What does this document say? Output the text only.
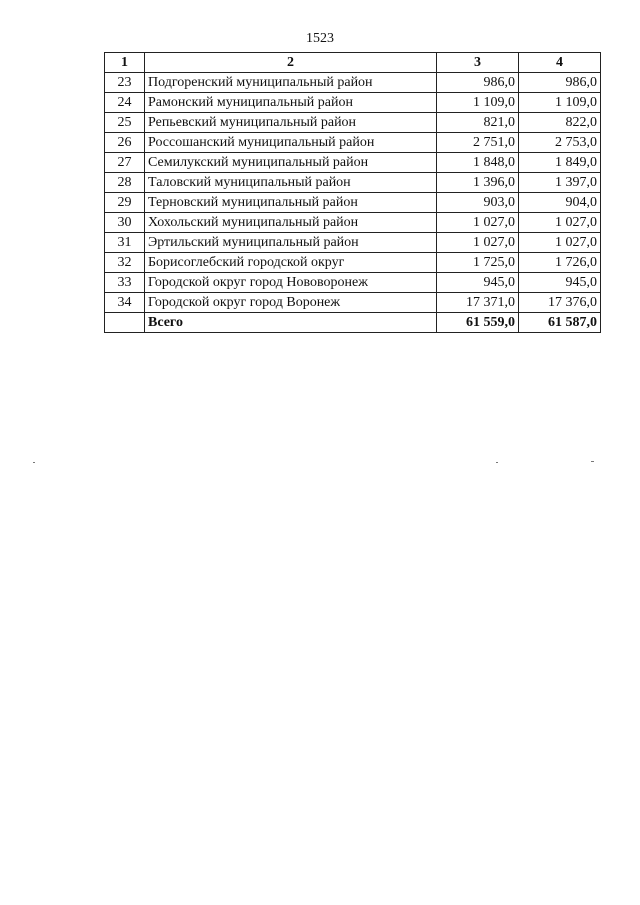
1523
1	2	3	4
23	Подгоренский муниципальный район	986,0	986,0
24	Рамонский муниципальный район	1 109,0	1 109,0
25	Репьевский муниципальный район	821,0	822,0
26	Россошанский муниципальный район	2 751,0	2 753,0
27	Семилукский муниципальный район	1 848,0	1 849,0
28	Таловский муниципальный район	1 396,0	1 397,0
29	Терновский муниципальный район	903,0	904,0
30	Хохольский муниципальный район	1 027,0	1 027,0
31	Эртильский муниципальный район	1 027,0	1 027,0
32	Борисоглебский городской округ	1 725,0	1 726,0
33	Городской округ город Нововоронеж	945,0	945,0
34	Городской округ город Воронеж	17 371,0	17 376,0
	Всего	61 559,0	61 587,0
